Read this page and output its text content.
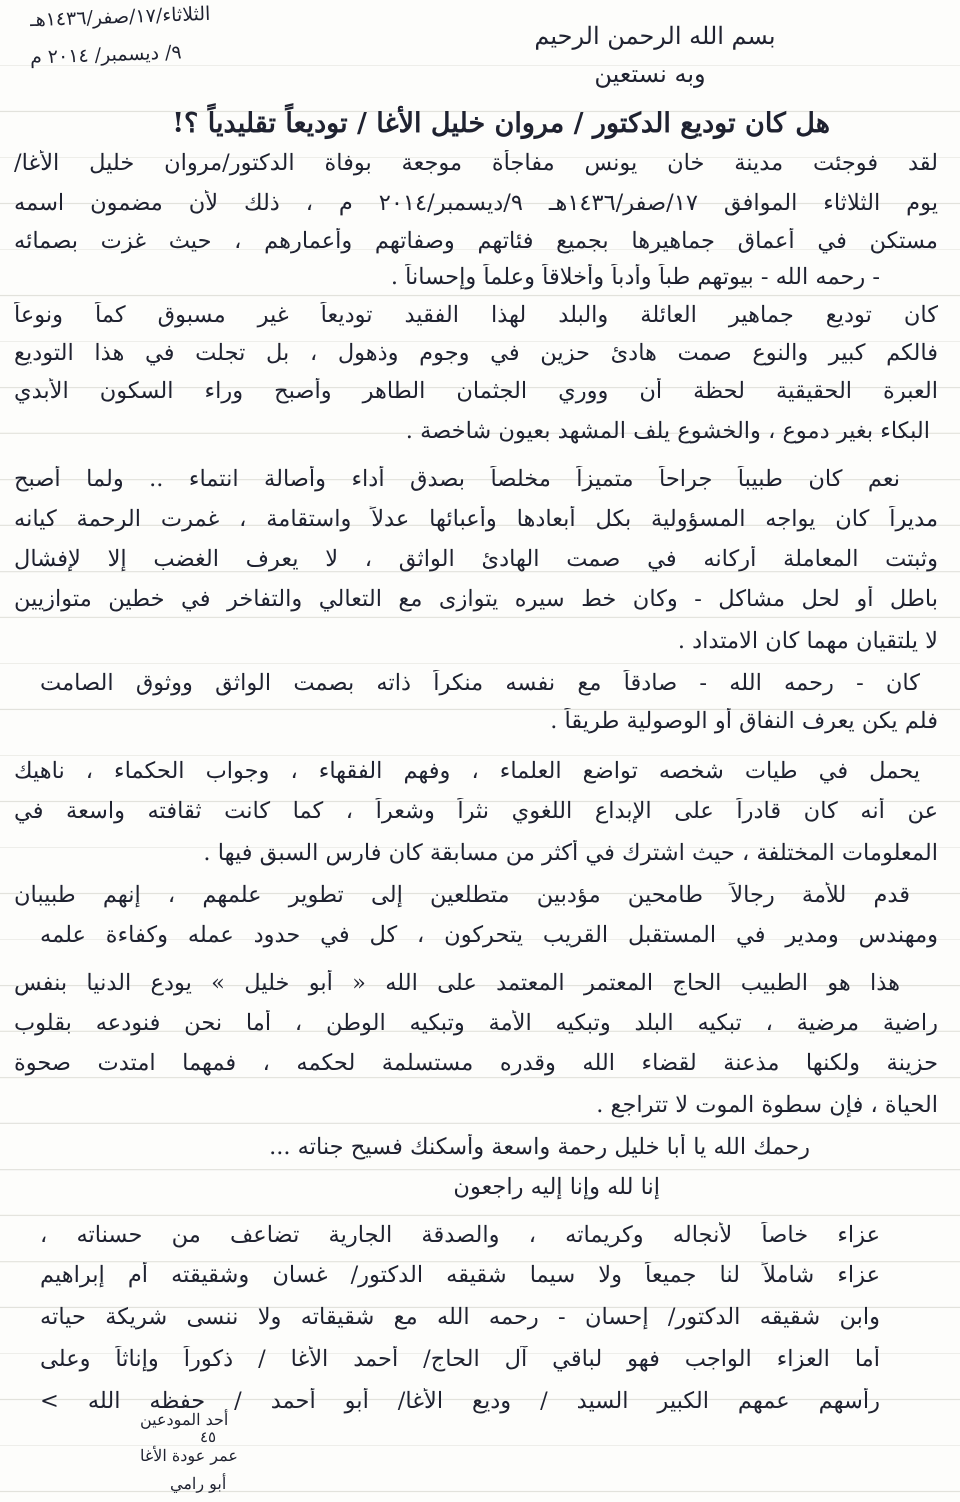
الثلاثاء/١٧/صفر/١٤٣٦هـ
٩/ ديسمبر/ ٢٠١٤ م
بسم الله الرحمن الرحيم
وبه نستعين
هل كان توديع الدكتور / مروان خليل الأغا / توديعاً تقليدياً ؟!
لقد فوجئت مدينة خان يونس مفاجأة موجعة بوفاة الدكتور/مروان خليل الأغا/
يوم الثلاثاء الموافق ١٧/صفر/١٤٣٦هـ ٩/ديسمبر/٢٠١٤ م ، ذلك لأن مضمون اسمه
مستكن في أعماق جماهيرها بجميع فئاتهم وصفاتهم وأعمارهم ، حيث غزت بصمائه
- رحمه الله - بيوتهم طباً وأدباً وأخلاقاً وعلماً وإحساناً .
كان توديع جماهير العائلة والبلد لهذا الفقيد توديعاً غير مسبوق كماً ونوعاً
فالكم كبير والنوع صمت هادئ حزين في وجوم وذهول ، بل تجلت في هذا التوديع
العبرة الحقيقية لحظة أن ووري الجثمان الطاهر وأصبح وراء السكون الأبدي
البكاء بغير دموع ، والخشوع يلف المشهد بعيون شاخصة .
نعم كان طبيباً جراحاً متميزاً مخلصاً بصدق أداء وأصالة انتماء .. ولما أصبح
مديراً كان يواجه المسؤولية بكل أبعادها وأعبائها عدلاً واستقامة ، غمرت الرحمة كيانه
وثبتت المعاملة أركانه في صمت الهادئ الواثق ، لا يعرف الغضب إلا لإفشال
باطل أو لحل مشاكل - وكان خط سيره يتوازى مع التعالي والتفاخر في خطين متوازيين
لا يلتقيان مهما كان الامتداد .
كان - رحمه الله - صادقاً مع نفسه منكراً ذاته بصمت الواثق ووثوق الصامت
فلم يكن يعرف النفاق أو الوصولية طريقاً .
يحمل في طيات شخصه تواضع العلماء ، وفهم الفقهاء ، وجواب الحكماء ، ناهيك
عن أنه كان قادراً على الإبداع اللغوي نثراً وشعراً ، كما كانت ثقافته واسعة في
المعلومات المختلفة ، حيث اشترك في أكثر من مسابقة كان فارس السبق فيها .
قدم للأمة رجالاً طامحين مؤدبين متطلعين إلى تطوير علمهم ، إنهم طبيبان
ومهندس ومدير في المستقبل القريب يتحركون ، كل في حدود عمله وكفاءة علمه
هذا هو الطبيب الحاج المعتمر المعتمد على الله « أبو خليل » يودع الدنيا بنفس
راضية مرضية ، تبكيه البلد وتبكيه الأمة وتبكيه الوطن ، أما نحن فنودعه بقلوب
حزينة ولكنها مذعنة لقضاء الله وقدره مستسلمة لحكمه ، فمهما امتدت صحوة
الحياة ، فإن سطوة الموت لا تتراجع .
رحمك الله يا أبا خليل رحمة واسعة وأسكنك فسيح جناته ...
إنا لله وإنا إليه راجعون
عزاء خاصاً لأنجاله وكريماته ، والصدقة الجارية تضاعف من حسناته ،
عزاء شاملاً لنا جميعاً ولا سيما شقيقه الدكتور/ غسان وشقيقته أم إبراهيم
وابن شقيقه الدكتور/ إحسان - رحمه الله مع شقيقاته ولا ننسى شريكة حياته
أما العزاء الواجب فهو لباقي آل الحاج/ أحمد الأغا / ذكوراً وإناثاً وعلى
رأسهم عمهم الكبير السيد / وديع الأغا/ أبو أحمد / حفظه الله >
أحد المودعين
٤٥
عمر عودة الأغا
أبو رامي
